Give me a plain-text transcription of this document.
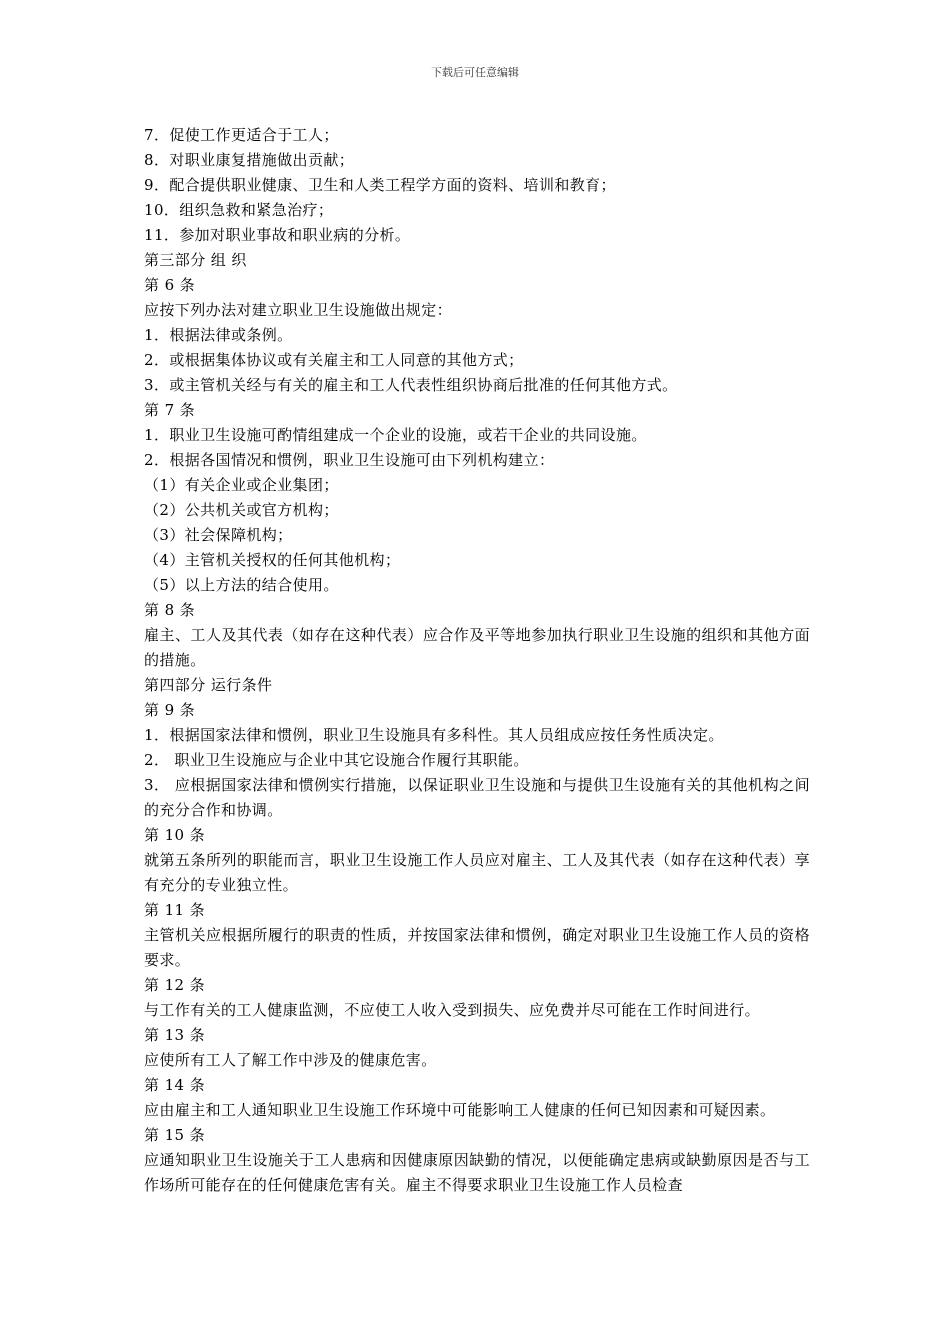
下载后可任意编辑
7．促使工作更适合于工人；
8．对职业康复措施做出贡献；
9．配合提供职业健康、卫生和人类工程学方面的资料、培训和教育；
10．组织急救和紧急治疗；
11．参加对职业事故和职业病的分析。
第三部分 组 织
第 6 条
应按下列办法对建立职业卫生设施做出规定：
1．根据法律或条例。
2．或根据集体协议或有关雇主和工人同意的其他方式；
3．或主管机关经与有关的雇主和工人代表性组织协商后批准的任何其他方式。
第 7 条
1．职业卫生设施可酌情组建成一个企业的设施，或若干企业的共同设施。
2．根据各国情况和惯例，职业卫生设施可由下列机构建立：
（1）有关企业或企业集团；
（2）公共机关或官方机构；
（3）社会保障机构；
（4）主管机关授权的任何其他机构；
（5）以上方法的结合使用。
第 8 条
雇主、工人及其代表（如存在这种代表）应合作及平等地参加执行职业卫生设施的组织和其他方面的措施。
第四部分 运行条件
第 9 条
1．根据国家法律和惯例，职业卫生设施具有多科性。其人员组成应按任务性质决定。
2． 职业卫生设施应与企业中其它设施合作履行其职能。
3． 应根据国家法律和惯例实行措施，以保证职业卫生设施和与提供卫生设施有关的其他机构之间的充分合作和协调。
第 10 条
就第五条所列的职能而言，职业卫生设施工作人员应对雇主、工人及其代表（如存在这种代表）享有充分的专业独立性。
第 11 条
主管机关应根据所履行的职责的性质，并按国家法律和惯例，确定对职业卫生设施工作人员的资格要求。
第 12 条
与工作有关的工人健康监测，不应使工人收入受到损失、应免费并尽可能在工作时间进行。
第 13 条
应使所有工人了解工作中涉及的健康危害。
第 14 条
应由雇主和工人通知职业卫生设施工作环境中可能影响工人健康的任何已知因素和可疑因素。
第 15 条
应通知职业卫生设施关于工人患病和因健康原因缺勤的情况，以便能确定患病或缺勤原因是否与工作场所可能存在的任何健康危害有关。雇主不得要求职业卫生设施工作人员检查
